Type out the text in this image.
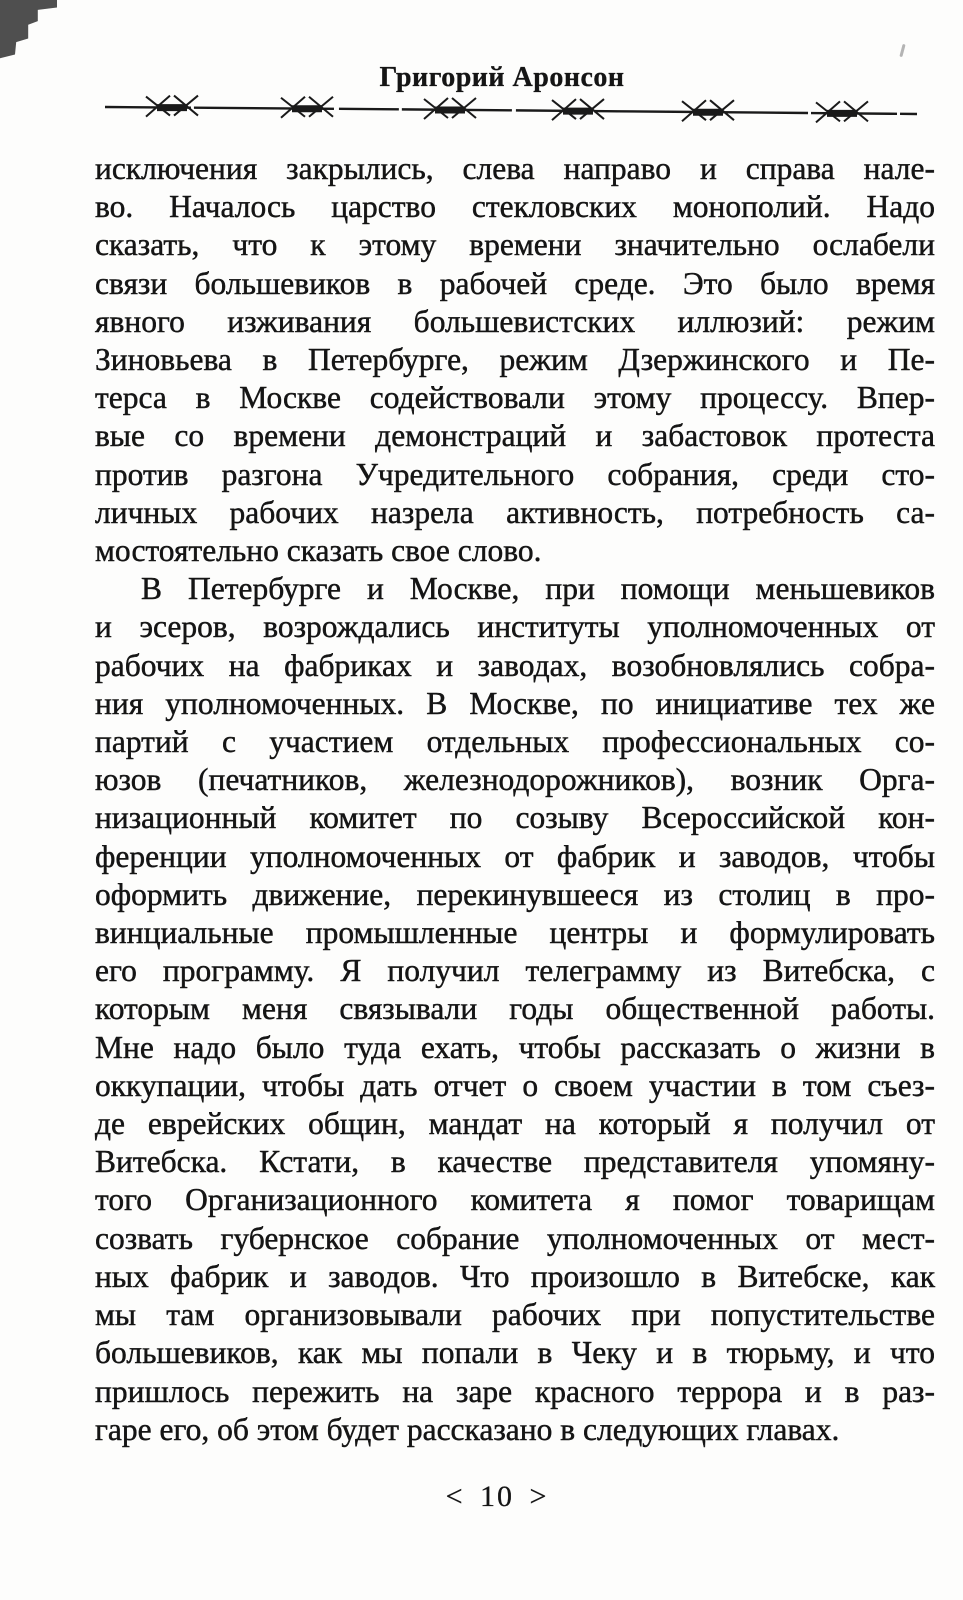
Григорий Аронсон
исключения закрылись, слева направо и справа нале-
во. Началось царство стекловских монополий. Надо
сказать, что к этому времени значительно ослабели
связи большевиков в рабочей среде. Это было время
явного изживания большевистских иллюзий: режим
Зиновьева в Петербурге, режим Дзержинского и Пе-
терса в Москве содействовали этому процессу. Впер-
вые со времени демонстраций и забастовок протеста
против разгона Учредительного собрания, среди сто-
личных рабочих назрела активность, потребность са-
мостоятельно сказать свое слово.
В Петербурге и Москве, при помощи меньшевиков
и эсеров, возрождались институты уполномоченных от
рабочих на фабриках и заводах, возобновлялись собра-
ния уполномоченных. В Москве, по инициативе тех же
партий с участием отдельных профессиональных со-
юзов (печатников, железнодорожников), возник Орга-
низационный комитет по созыву Всероссийской кон-
ференции уполномоченных от фабрик и заводов, чтобы
оформить движение, перекинувшееся из столиц в про-
винциальные промышленные центры и формулировать
его программу. Я получил телеграмму из Витебска, с
которым меня связывали годы общественной работы.
Мне надо было туда ехать, чтобы рассказать о жизни в
оккупации, чтобы дать отчет о своем участии в том съез-
де еврейских общин, мандат на который я получил от
Витебска. Кстати, в качестве представителя упомяну-
того Организационного комитета я помог товарищам
созвать губернское собрание уполномоченных от мест-
ных фабрик и заводов. Что произошло в Витебске, как
мы там организовывали рабочих при попустительстве
большевиков, как мы попали в Чеку и в тюрьму, и что
пришлось пережить на заре красного террора и в раз-
гаре его, об этом будет рассказано в следующих главах.
< 10 >
